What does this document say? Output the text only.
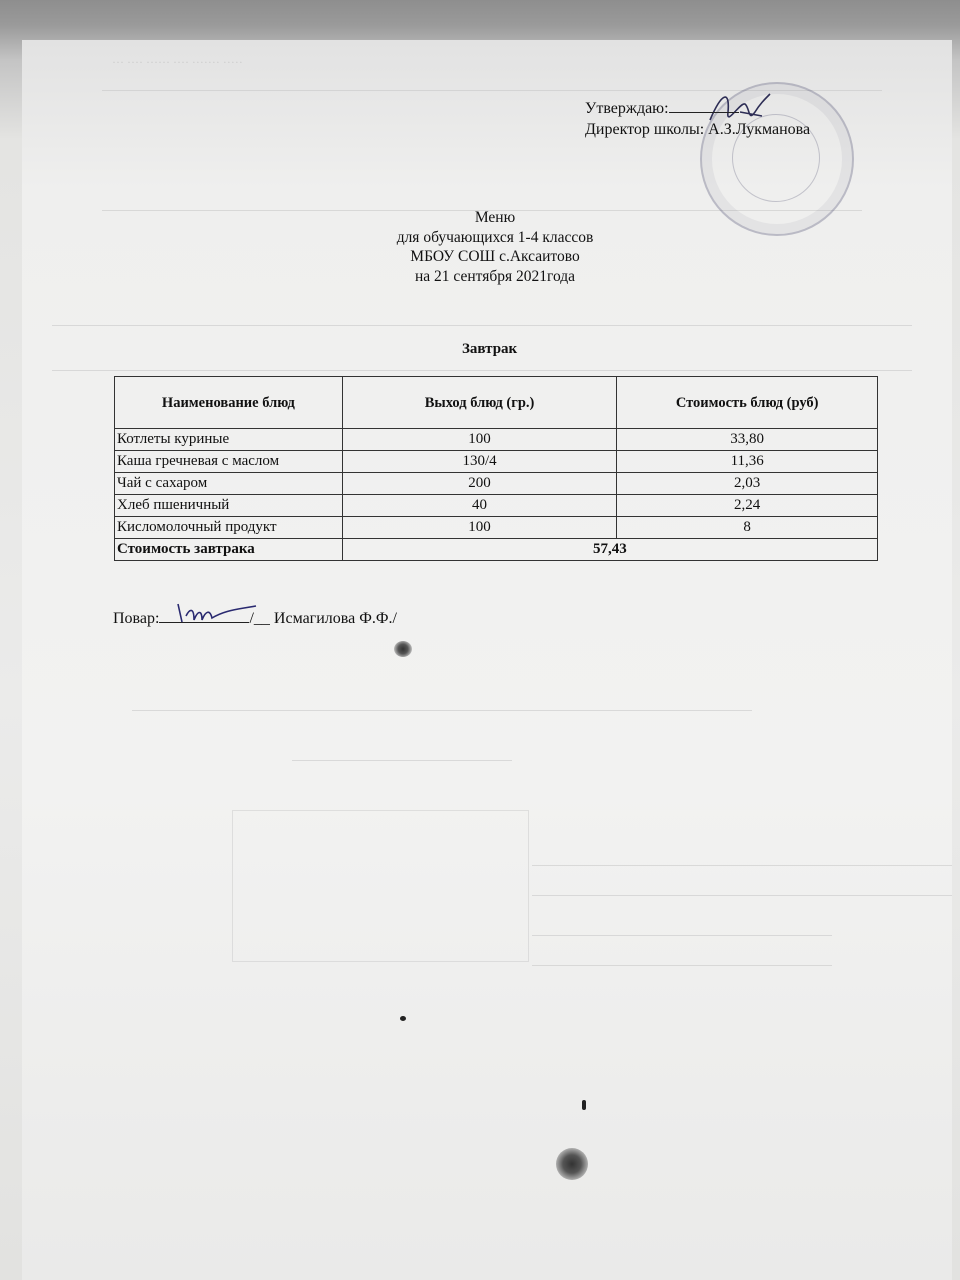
··· ···· ······ ···· ······· ·····
Утверждаю:
Директор школы: А.З.Лукманова
Меню
для обучающихся 1-4 классов
МБОУ СОШ с.Аксаитово
на 21 сентября 2021года
Завтрак
Наименование блюд	Выход блюд (гр.)	Стоимость блюд (руб)
Котлеты куриные	100	33,80
Каша гречневая с маслом	130/4	11,36
Чай с сахаром	200	2,03
Хлеб пшеничный	40	2,24
Кисломолочный продукт	100	8
Стоимость завтрака	57,43	
Повар:	/__ Исмагилова Ф.Ф./
